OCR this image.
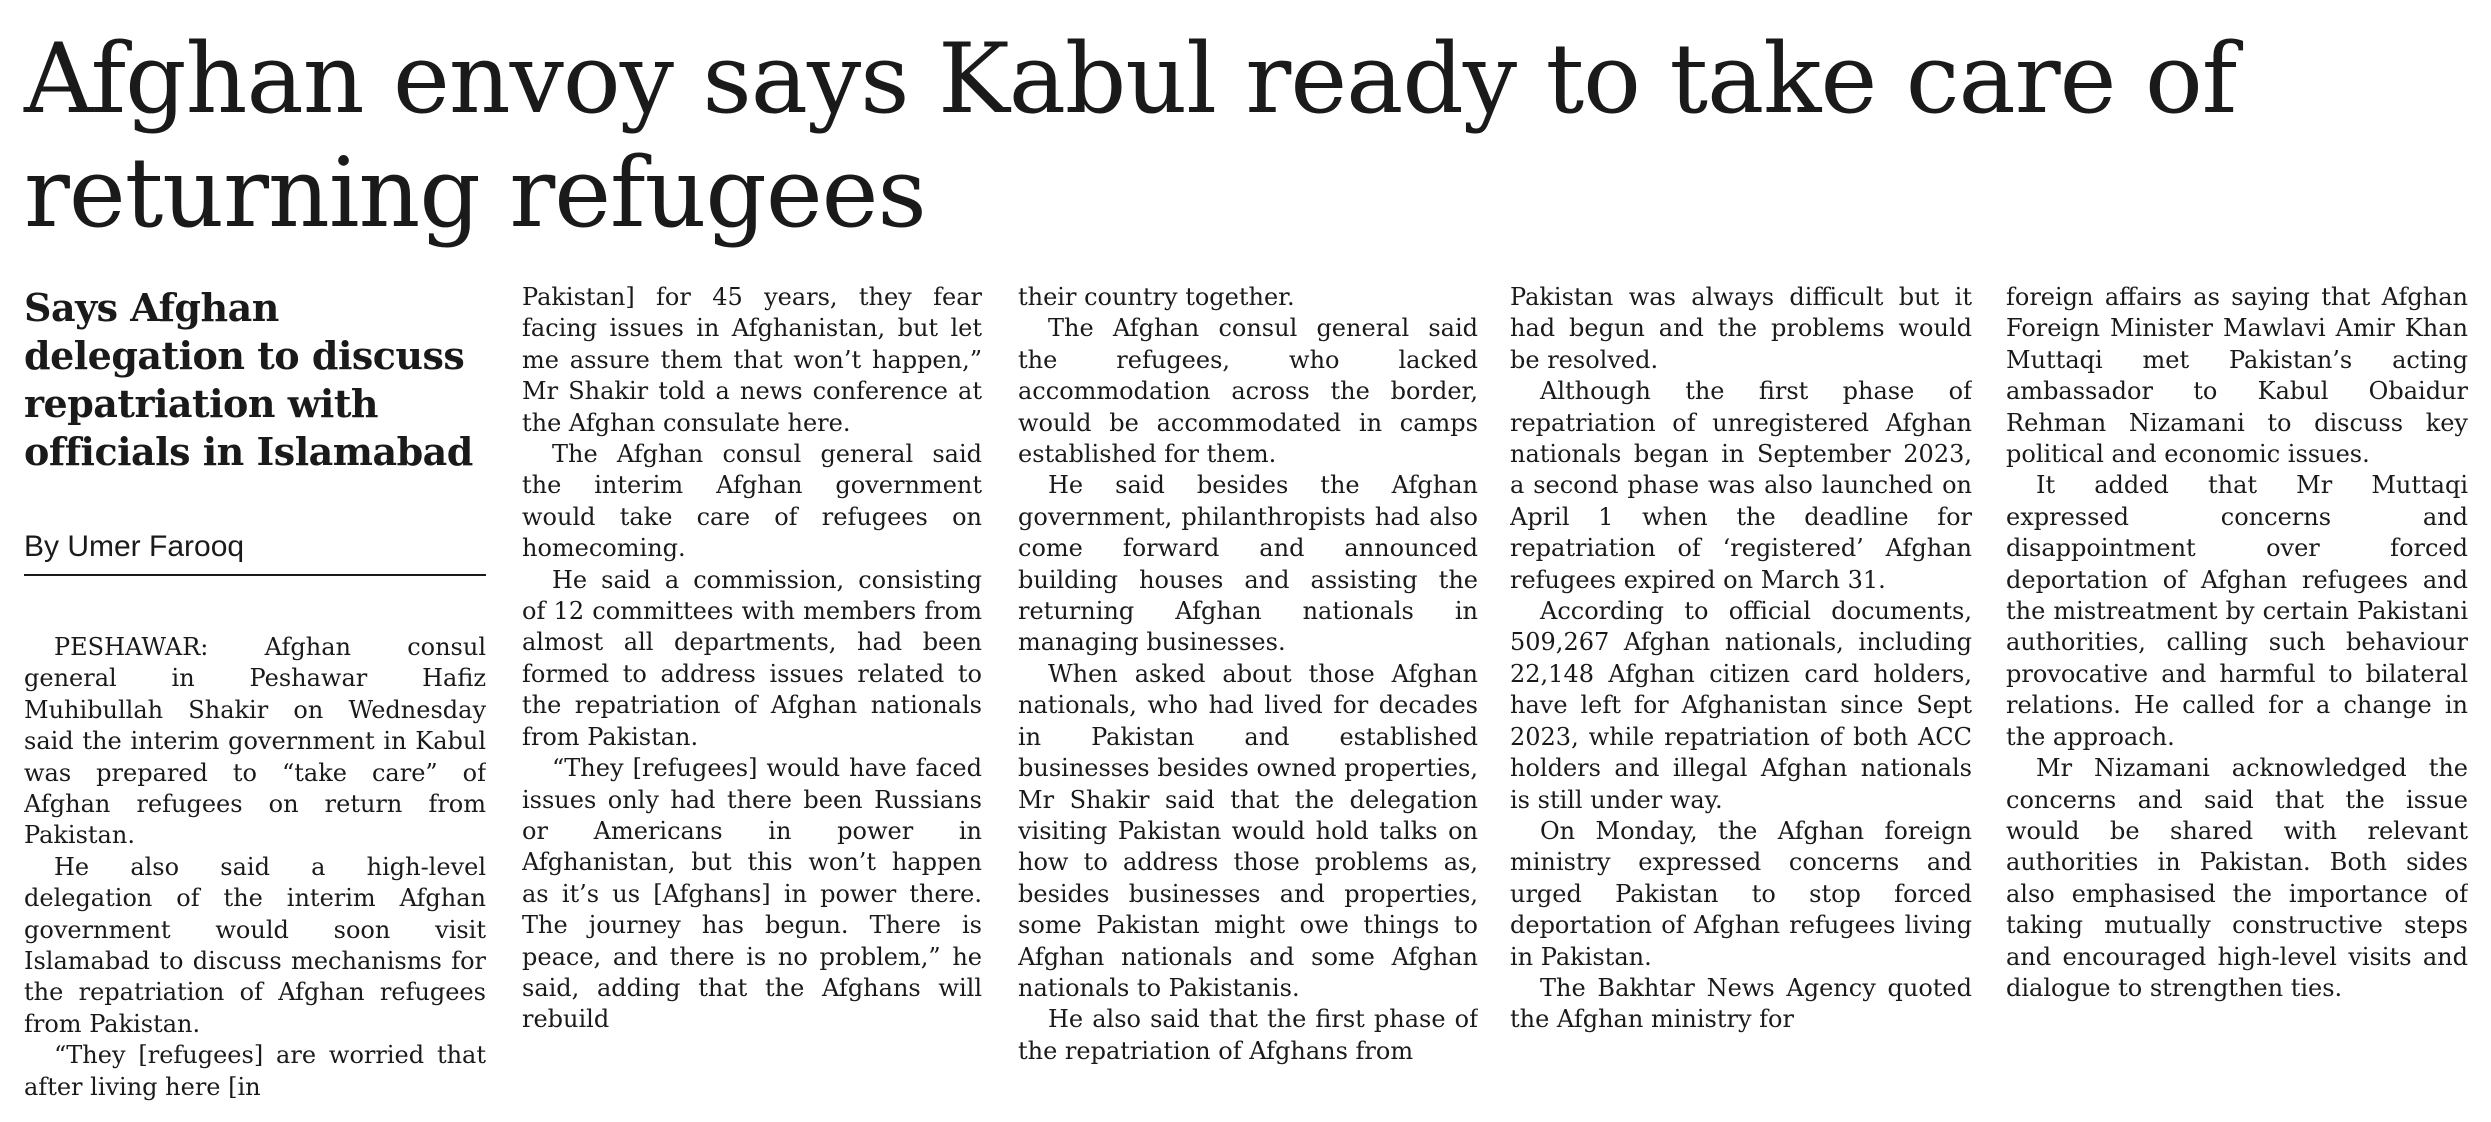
Afghan envoy says Kabul ready to take care of returning refugees
Says Afghan delegation to discuss repatriation with officials in Islamabad
By Umer Farooq

PESHAWAR: Afghan consul general in Peshawar Hafiz Muhibullah Shakir on Wednesday said the interim government in Kabul was prepared to “take care” of Afghan refugees on return from Pakistan.

He also said a high-level delegation of the interim Afghan government would soon visit Islamabad to discuss mechanisms for the repatriation of Afghan refugees from Pakistan.

“They [refugees] are worried that after living here [in

Pakistan] for 45 years, they fear facing issues in Afghanistan, but let me assure them that won’t happen,” Mr Shakir told a news conference at the Afghan consulate here.

The Afghan consul general said the interim Afghan government would take care of refugees on homecoming.

He said a commission, consisting of 12 committees with members from almost all departments, had been formed to address issues related to the repatriation of Afghan nationals from Pakistan.

“They [refugees] would have faced issues only had there been Russians or Americans in power in Afghanistan, but this won’t happen as it’s us [Afghans] in power there. The journey has begun. There is peace, and there is no problem,” he said, adding that the Afghans will rebuild

their country together.

The Afghan consul general said the refugees, who lacked accommodation across the border, would be accommodated in camps established for them.

He said besides the Afghan government, philanthropists had also come forward and announced building houses and assisting the returning Afghan nationals in managing businesses.

When asked about those Afghan nationals, who had lived for decades in Pakistan and established businesses besides owned properties, Mr Shakir said that the delegation visiting Pakistan would hold talks on how to address those problems as, besides businesses and properties, some Pakistan might owe things to Afghan nationals and some Afghan nationals to Pakistanis.

He also said that the first phase of the repatriation of Afghans from

Pakistan was always difficult but it had begun and the problems would be resolved.

Although the first phase of repatriation of unregistered Afghan nationals began in September 2023, a second phase was also launched on April 1 when the deadline for repatriation of ‘registered’ Afghan refugees expired on March 31.

According to official documents, 509,267 Afghan nationals, including 22,148 Afghan citizen card holders, have left for Afghanistan since Sept 2023, while repatriation of both ACC holders and illegal Afghan nationals is still under way.

On Monday, the Afghan foreign ministry expressed concerns and urged Pakistan to stop forced deportation of Afghan refugees living in Pakistan.

The Bakhtar News Agency quoted the Afghan ministry for

foreign affairs as saying that Afghan Foreign Minister Mawlavi Amir Khan Muttaqi met Pakistan’s acting ambassador to Kabul Obaidur Rehman Nizamani to discuss key political and economic issues.

It added that Mr Muttaqi expressed concerns and disappointment over forced deportation of Afghan refugees and the mistreatment by certain Pakistani authorities, calling such behaviour provocative and harmful to bilateral relations. He called for a change in the approach.

Mr Nizamani acknowledged the concerns and said that the issue would be shared with relevant authorities in Pakistan. Both sides also emphasised the importance of taking mutually constructive steps and encouraged high-level visits and dialogue to strengthen ties.
